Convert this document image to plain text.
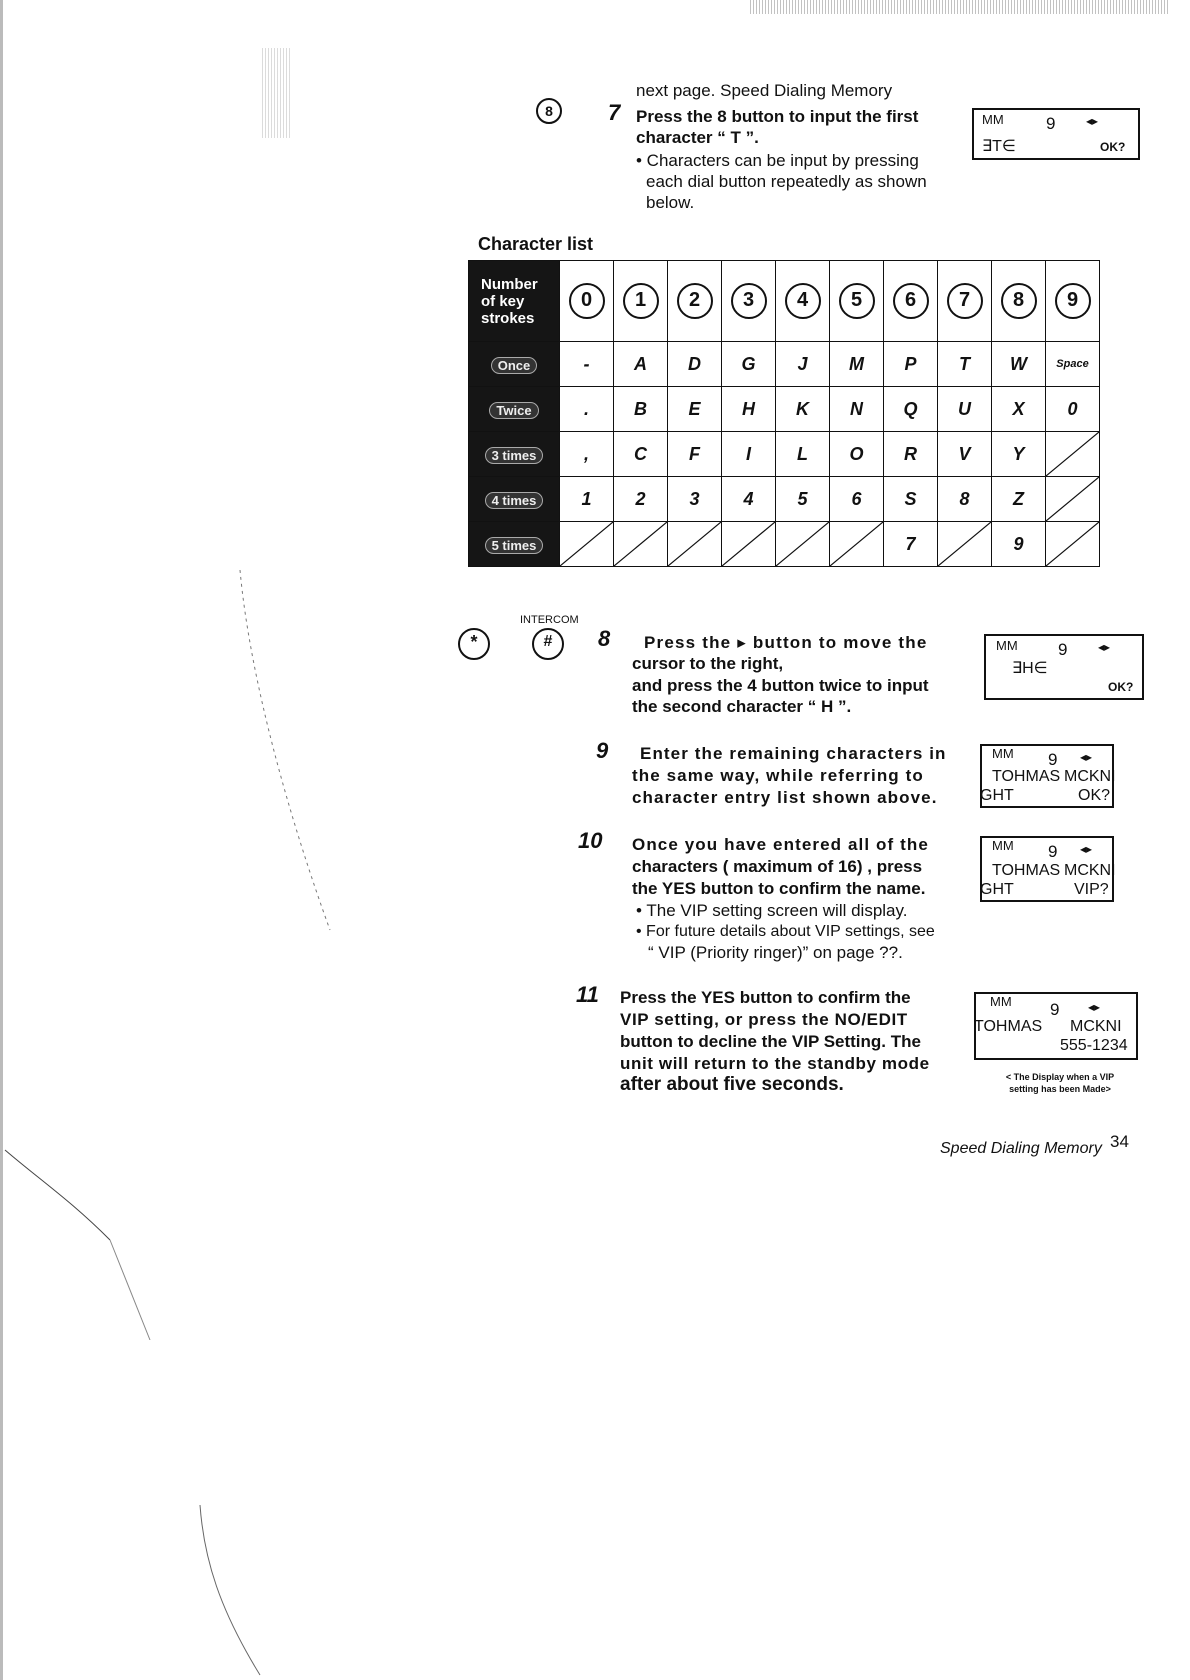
8
next page. Speed Dialing Memory
7 Press the 8 button to input the first
character “ T ”.
• Characters can be input by pressing
each dial button repeatedly as shown
below.
MM 9	◂▸
∃T∈	OK?
Character list
Number
of key
strokes	0	1	2	3	4	5	6	7	8	9
Once	-	A	D	G	J	M	P	T	W	Space
Twice	.	B	E	H	K	N	Q	U	X	0
3 times	,	C	F	I	L	O	R	V	Y	

4 times	1	2	3	4	5	6	S	8	Z	

5 times							7		9	
INTERCOM
*	#	8 Press the ▸ button to move the
cursor to the right,
and press the 4 button twice to input
the second character “ H ”.
MM 9	◂▸
∃H∈
OK?
9 Enter the remaining characters in
the same way, while referring to
character entry list shown above.
MM 9 ◂▸
TOHMAS MCKNI
GHT	OK?
10 Once you have entered all of the
characters ( maximum of 16) , press
the YES button to confirm the name.
• The VIP setting screen will display.
• For future details about VIP settings, see
“ VIP (Priority ringer)” on page ??.
MM 9 ◂▸
TOHMAS MCKNI
GHT	VIP?
11 Press the YES button to confirm the
VIP setting, or press the NO/EDIT
button to decline the VIP Setting. The
unit will return to the standby mode
after about five seconds.
MM 9 ◂▸
TOHMAS MCKNI
555-1234
< The Display when a VIP
setting has been Made>
Speed Dialing Memory 34
